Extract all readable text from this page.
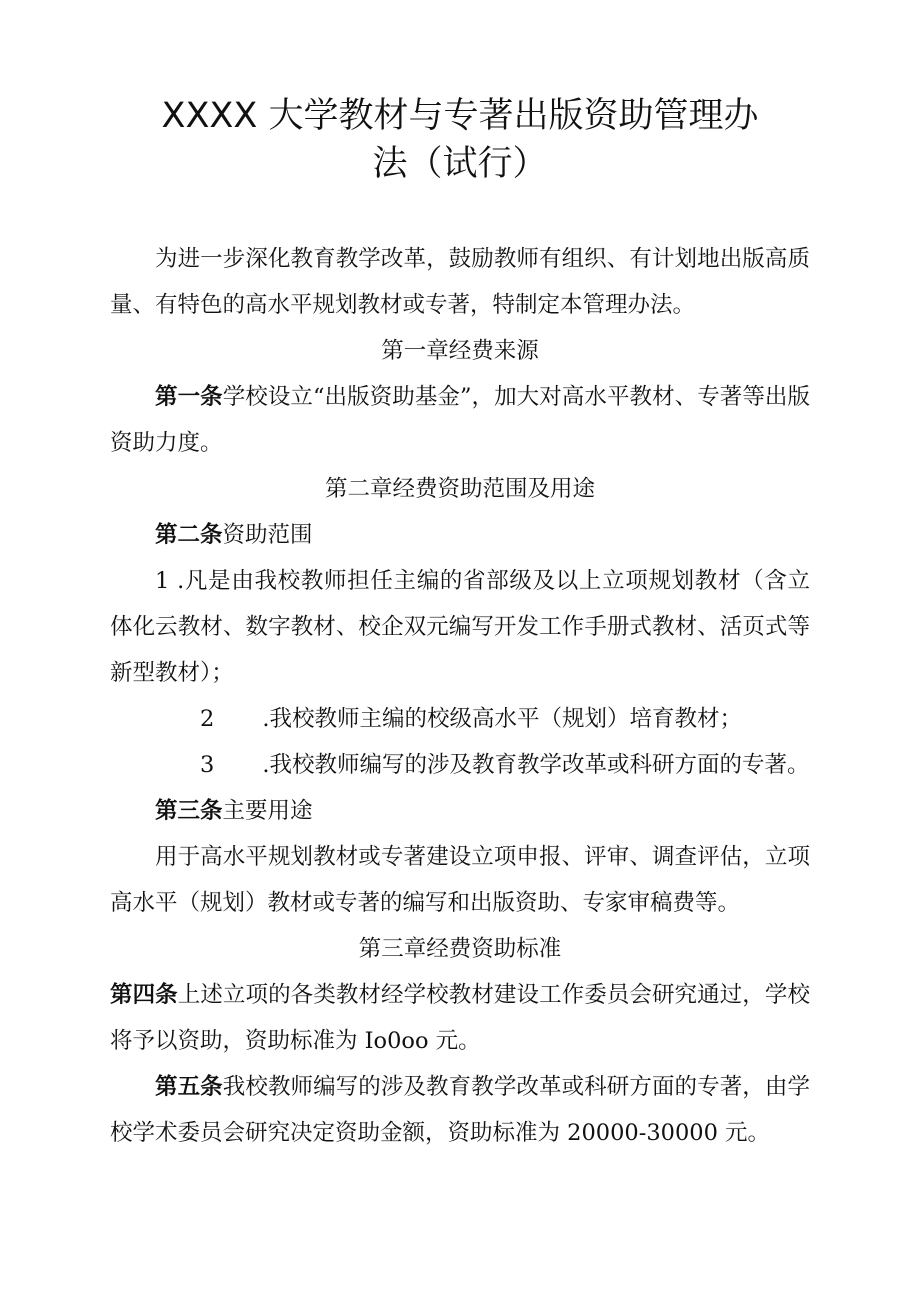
XXXX 大学教材与专著出版资助管理办
法（试行）
为进一步深化教育教学改革，鼓励教师有组织、有计划地出版高质量、有特色的高水平规划教材或专著，特制定本管理办法。
第一章经费来源
第一条学校设立“出版资助基金”，加大对高水平教材、专著等出版资助力度。
第二章经费资助范围及用途
第二条资助范围
1 .凡是由我校教师担任主编的省部级及以上立项规划教材（含立体化云教材、数字教材、校企双元编写开发工作手册式教材、活页式等新型教材）；
2 .我校教师主编的校级高水平（规划）培育教材；
3 .我校教师编写的涉及教育教学改革或科研方面的专著。
第三条主要用途
用于高水平规划教材或专著建设立项申报、评审、调查评估，立项高水平（规划）教材或专著的编写和出版资助、专家审稿费等。
第三章经费资助标准
第四条上述立项的各类教材经学校教材建设工作委员会研究通过，学校将予以资助，资助标准为 Io0oo 元。
第五条我校教师编写的涉及教育教学改革或科研方面的专著，由学校学术委员会研究决定资助金额，资助标准为 20000-30000 元。
